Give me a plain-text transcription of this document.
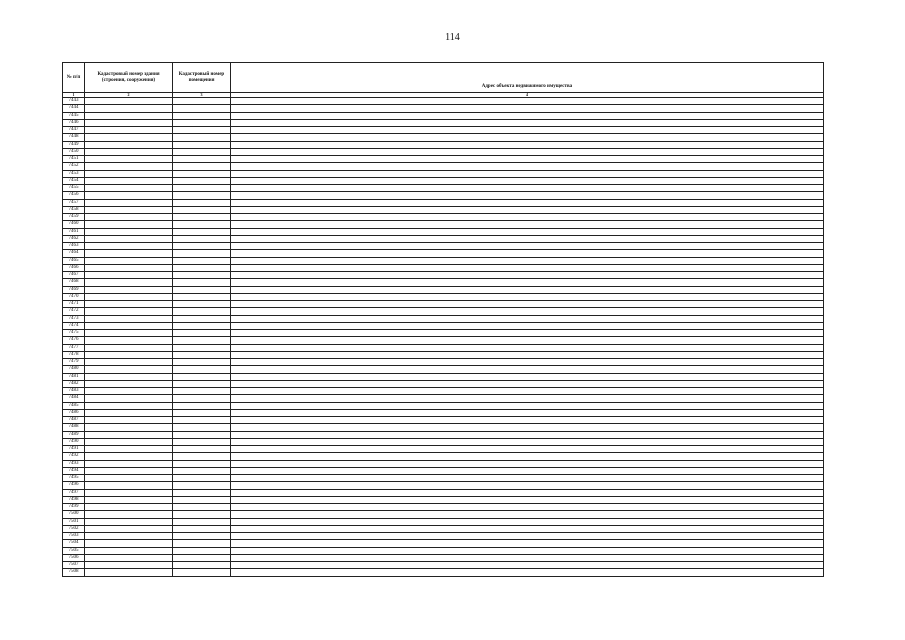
114
№ п/п	Кадастровый номер здания (строения, сооружения)	Кадастровый номер помещения	Адрес объекта недвижимого имущества
1	2	3	4
7443			
7444			
7445			
7446			
7447			
7448			
7449			
7450			
7451			
7452			
7453			
7454			
7455			
7456			
7457			
7458			
7459			
7460			
7461			
7462			
7463			
7464			
7465			
7466			
7467			
7468			
7469			
7470			
7471			
7472			
7473			
7474			
7475			
7476			
7477			
7478			
7479			
7480			
7481			
7482			
7483			
7484			
7485			
7486			
7487			
7488			
7489			
7490			
7491			
7492			
7493			
7494			
7495			
7496			
7497			
7498			
7499			
7500			
7501			
7502			
7503			
7504			
7505			
7506			
7507			
7508			
